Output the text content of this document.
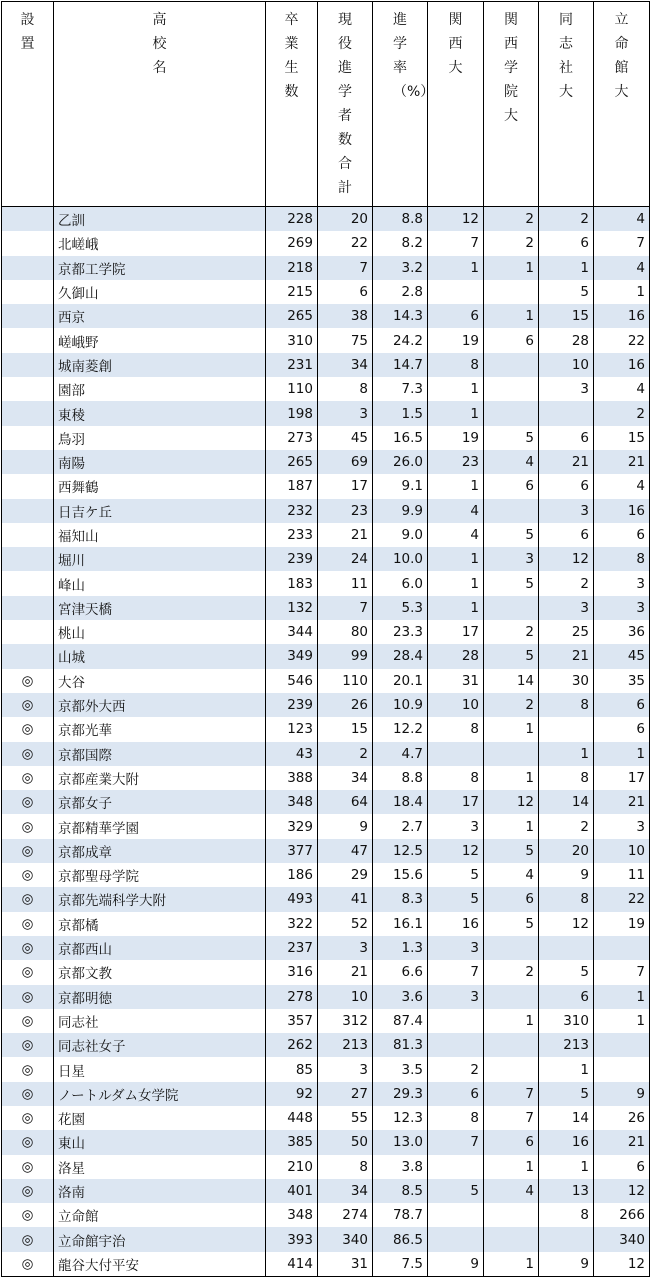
設置	高校名	卒業生数	現役進学者数合計	進学率（%）	関西大	関西学院大	同志社大	立命館大

	乙訓	228	20	8.8	12	2	2	4
	北嵯峨	269	22	8.2	7	2	6	7
	京都工学院	218	7	3.2	1	1	1	4
	久御山	215	6	2.8			5	1
	西京	265	38	14.3	6	1	15	16
	嵯峨野	310	75	24.2	19	6	28	22
	城南菱創	231	34	14.7	8		10	16
	園部	110	8	7.3	1		3	4
	東稜	198	3	1.5	1			2
	鳥羽	273	45	16.5	19	5	6	15
	南陽	265	69	26.0	23	4	21	21
	西舞鶴	187	17	9.1	1	6	6	4
	日吉ケ丘	232	23	9.9	4		3	16
	福知山	233	21	9.0	4	5	6	6
	堀川	239	24	10.0	1	3	12	8
	峰山	183	11	6.0	1	5	2	3
	宮津天橋	132	7	5.3	1		3	3
	桃山	344	80	23.3	17	2	25	36
	山城	349	99	28.4	28	5	21	45
◎	大谷	546	110	20.1	31	14	30	35
◎	京都外大西	239	26	10.9	10	2	8	6
◎	京都光華	123	15	12.2	8	1		6
◎	京都国際	43	2	4.7			1	1
◎	京都産業大附	388	34	8.8	8	1	8	17
◎	京都女子	348	64	18.4	17	12	14	21
◎	京都精華学園	329	9	2.7	3	1	2	3
◎	京都成章	377	47	12.5	12	5	20	10
◎	京都聖母学院	186	29	15.6	5	4	9	11
◎	京都先端科学大附	493	41	8.3	5	6	8	22
◎	京都橘	322	52	16.1	16	5	12	19
◎	京都西山	237	3	1.3	3			
◎	京都文教	316	21	6.6	7	2	5	7
◎	京都明徳	278	10	3.6	3		6	1
◎	同志社	357	312	87.4		1	310	1
◎	同志社女子	262	213	81.3			213	
◎	日星	85	3	3.5	2		1	
◎	ノートルダム女学院	92	27	29.3	6	7	5	9
◎	花園	448	55	12.3	8	7	14	26
◎	東山	385	50	13.0	7	6	16	21
◎	洛星	210	8	3.8		1	1	6
◎	洛南	401	34	8.5	5	4	13	12
◎	立命館	348	274	78.7			8	266
◎	立命館宇治	393	340	86.5				340
◎	龍谷大付平安	414	31	7.5	9	1	9	12
